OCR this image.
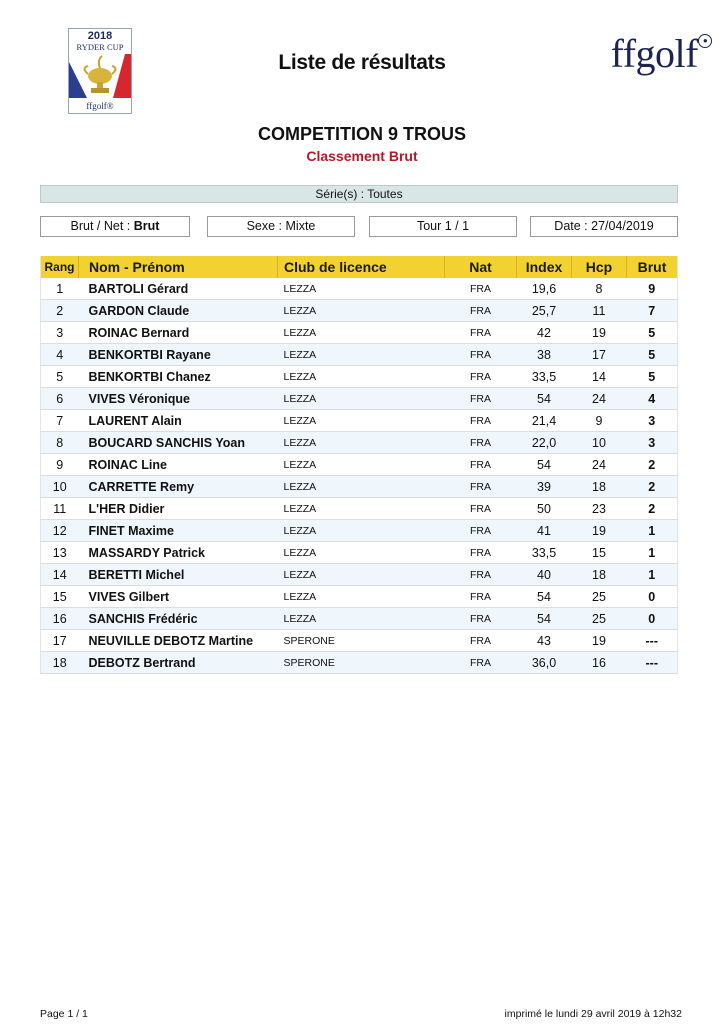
2018
RYDER CUP
ffgolf®
ffgolf ●
Liste de résultats
COMPETITION 9 TROUS
Classement Brut
Série(s) : Toutes
Brut / Net : Brut	Sexe : Mixte	Tour 1 / 1	Date : 27/04/2019
Rang	Nom - Prénom	Club de licence	Nat	Index	Hcp	Brut
1	BARTOLI Gérard	LEZZA	FRA	19,6	8	9
2	GARDON Claude	LEZZA	FRA	25,7	11	7
3	ROINAC Bernard	LEZZA	FRA	42	19	5
4	BENKORTBI Rayane	LEZZA	FRA	38	17	5
5	BENKORTBI Chanez	LEZZA	FRA	33,5	14	5
6	VIVES Véronique	LEZZA	FRA	54	24	4
7	LAURENT Alain	LEZZA	FRA	21,4	9	3
8	BOUCARD SANCHIS Yoan	LEZZA	FRA	22,0	10	3
9	ROINAC Line	LEZZA	FRA	54	24	2
10	CARRETTE Remy	LEZZA	FRA	39	18	2
11	L'HER Didier	LEZZA	FRA	50	23	2
12	FINET Maxime	LEZZA	FRA	41	19	1
13	MASSARDY Patrick	LEZZA	FRA	33,5	15	1
14	BERETTI Michel	LEZZA	FRA	40	18	1
15	VIVES Gilbert	LEZZA	FRA	54	25	0
16	SANCHIS Frédéric	LEZZA	FRA	54	25	0
17	NEUVILLE DEBOTZ Martine	SPERONE	FRA	43	19	---
18	DEBOTZ Bertrand	SPERONE	FRA	36,0	16	---
Page 1 / 1	imprimé le lundi 29 avril 2019 à 12h32
